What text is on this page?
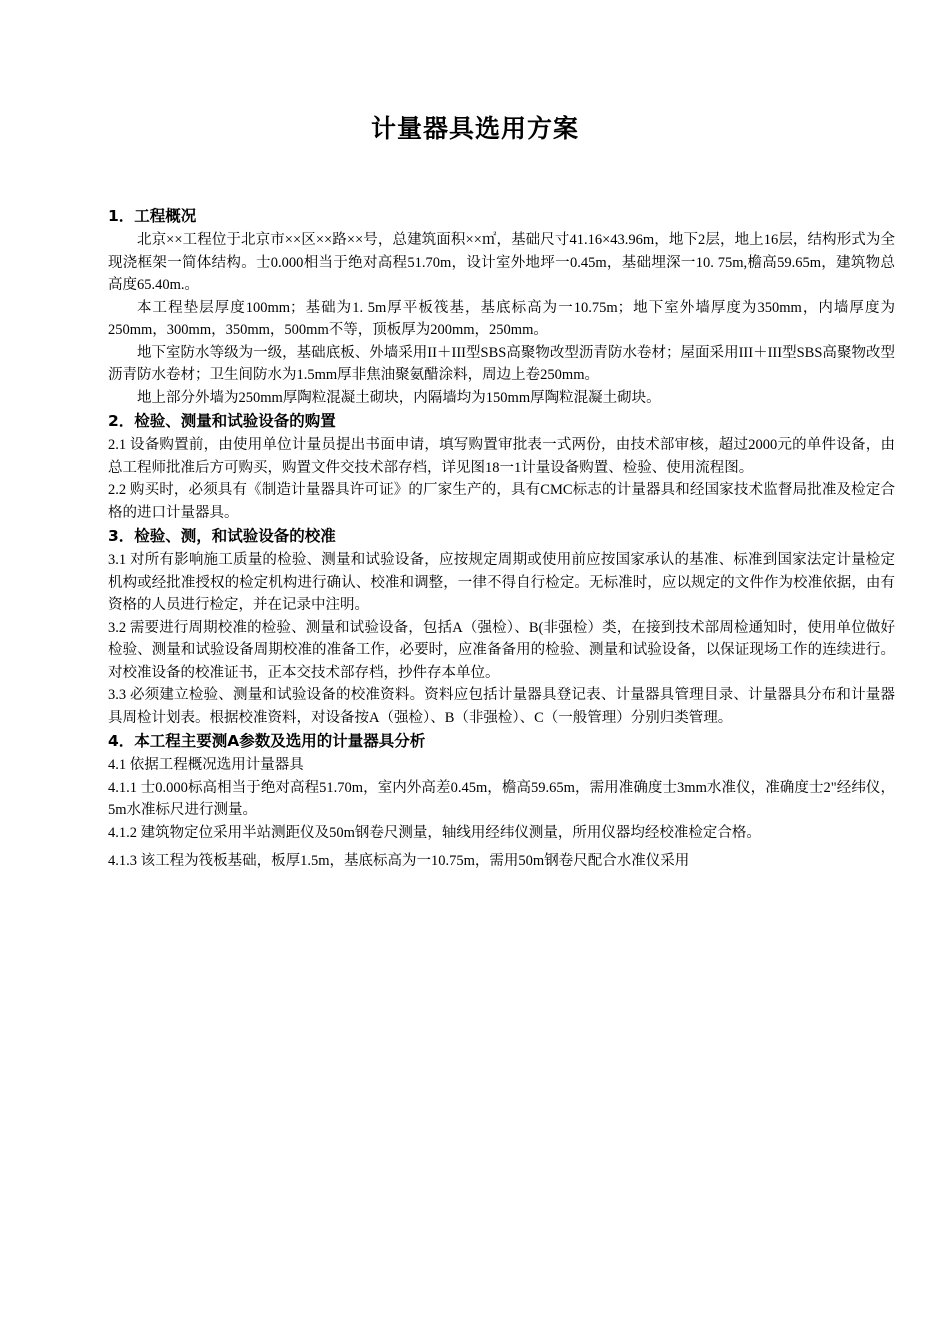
计量器具选用方案

1．工程概况

北京××工程位于北京市××区××路××号，总建筑面积××㎡，基础尺寸41.16×43.96m，地下2层，地上16层，结构形式为全现浇框架一简体结构。士0.000相当于绝对高程51.70m，设计室外地坪一0.45m，基础埋深一10. 75m,檐高59.65m，建筑物总高度65.40m.。

本工程垫层厚度100mm；基础为1. 5m厚平板筏基，基底标高为一10.75m；地下室外墙厚度为350mm，内墙厚度为250mm，300mm，350mm，500mm不等，顶板厚为200mm，250mm。

地下室防水等级为一级，基础底板、外墙采用II＋III型SBS高聚物改型沥青防水卷材；屋面采用III＋III型SBS高聚物改型沥青防水卷材；卫生间防水为1.5mm厚非焦油聚氨醋涂料，周边上卷250mm。

地上部分外墙为250mm厚陶粒混凝土砌块，内隔墙均为150mm厚陶粒混凝土砌块。

2．检验、测量和试验设备的购置

2.1 设备购置前，由使用单位计量员提出书面申请，填写购置审批表一式两份，由技术部审核，超过2000元的单件设备，由总工程师批准后方可购买，购置文件交技术部存档，详见图18一1计量设备购置、检验、使用流程图。

2.2 购买时，必须具有《制造计量器具许可证》的厂家生产的，具有CMC标志的计量器具和经国家技术监督局批准及检定合格的进口计量器具。

3．检验、测，和试验设备的校准

3.1 对所有影响施工质量的检验、测量和试验设备，应按规定周期或使用前应按国家承认的基准、标准到国家法定计量检定机构或经批准授权的检定机构进行确认、校准和调整，一律不得自行检定。无标准时，应以规定的文件作为校准依据，由有资格的人员进行检定，并在记录中注明。

3.2 需要进行周期校准的检验、测量和试验设备，包括A（强检）、B(非强检）类，在接到技术部周检通知时，使用单位做好检验、测量和试验设备周期校准的准备工作，必要时，应准备备用的检验、测量和试验设备，以保证现场工作的连续进行。对校准设备的校准证书，正本交技术部存档，抄件存本单位。

3.3 必须建立检验、测量和试验设备的校准资料。资料应包括计量器具登记表、计量器具管理目录、计量器具分布和计量器具周检计划表。根据校准资料，对设备按A（强检）、B（非强检）、C（一般管理）分别归类管理。

4．本工程主要测A参数及选用的计量器具分析

4.1 依据工程概况选用计量器具

4.1.1 士0.000标高相当于绝对高程51.70m，室内外高差0.45m，檐高59.65m，需用准确度士3mm水准仪，准确度士2"经纬仪，5m水准标尺进行测量。

4.1.2 建筑物定位采用半站测距仪及50m钢卷尺测量，轴线用经纬仪测量，所用仪器均经校准检定合格。

4.1.3 该工程为筏板基础，板厚1.5m，基底标高为一10.75m，需用50m钢卷尺配合水准仪采用
